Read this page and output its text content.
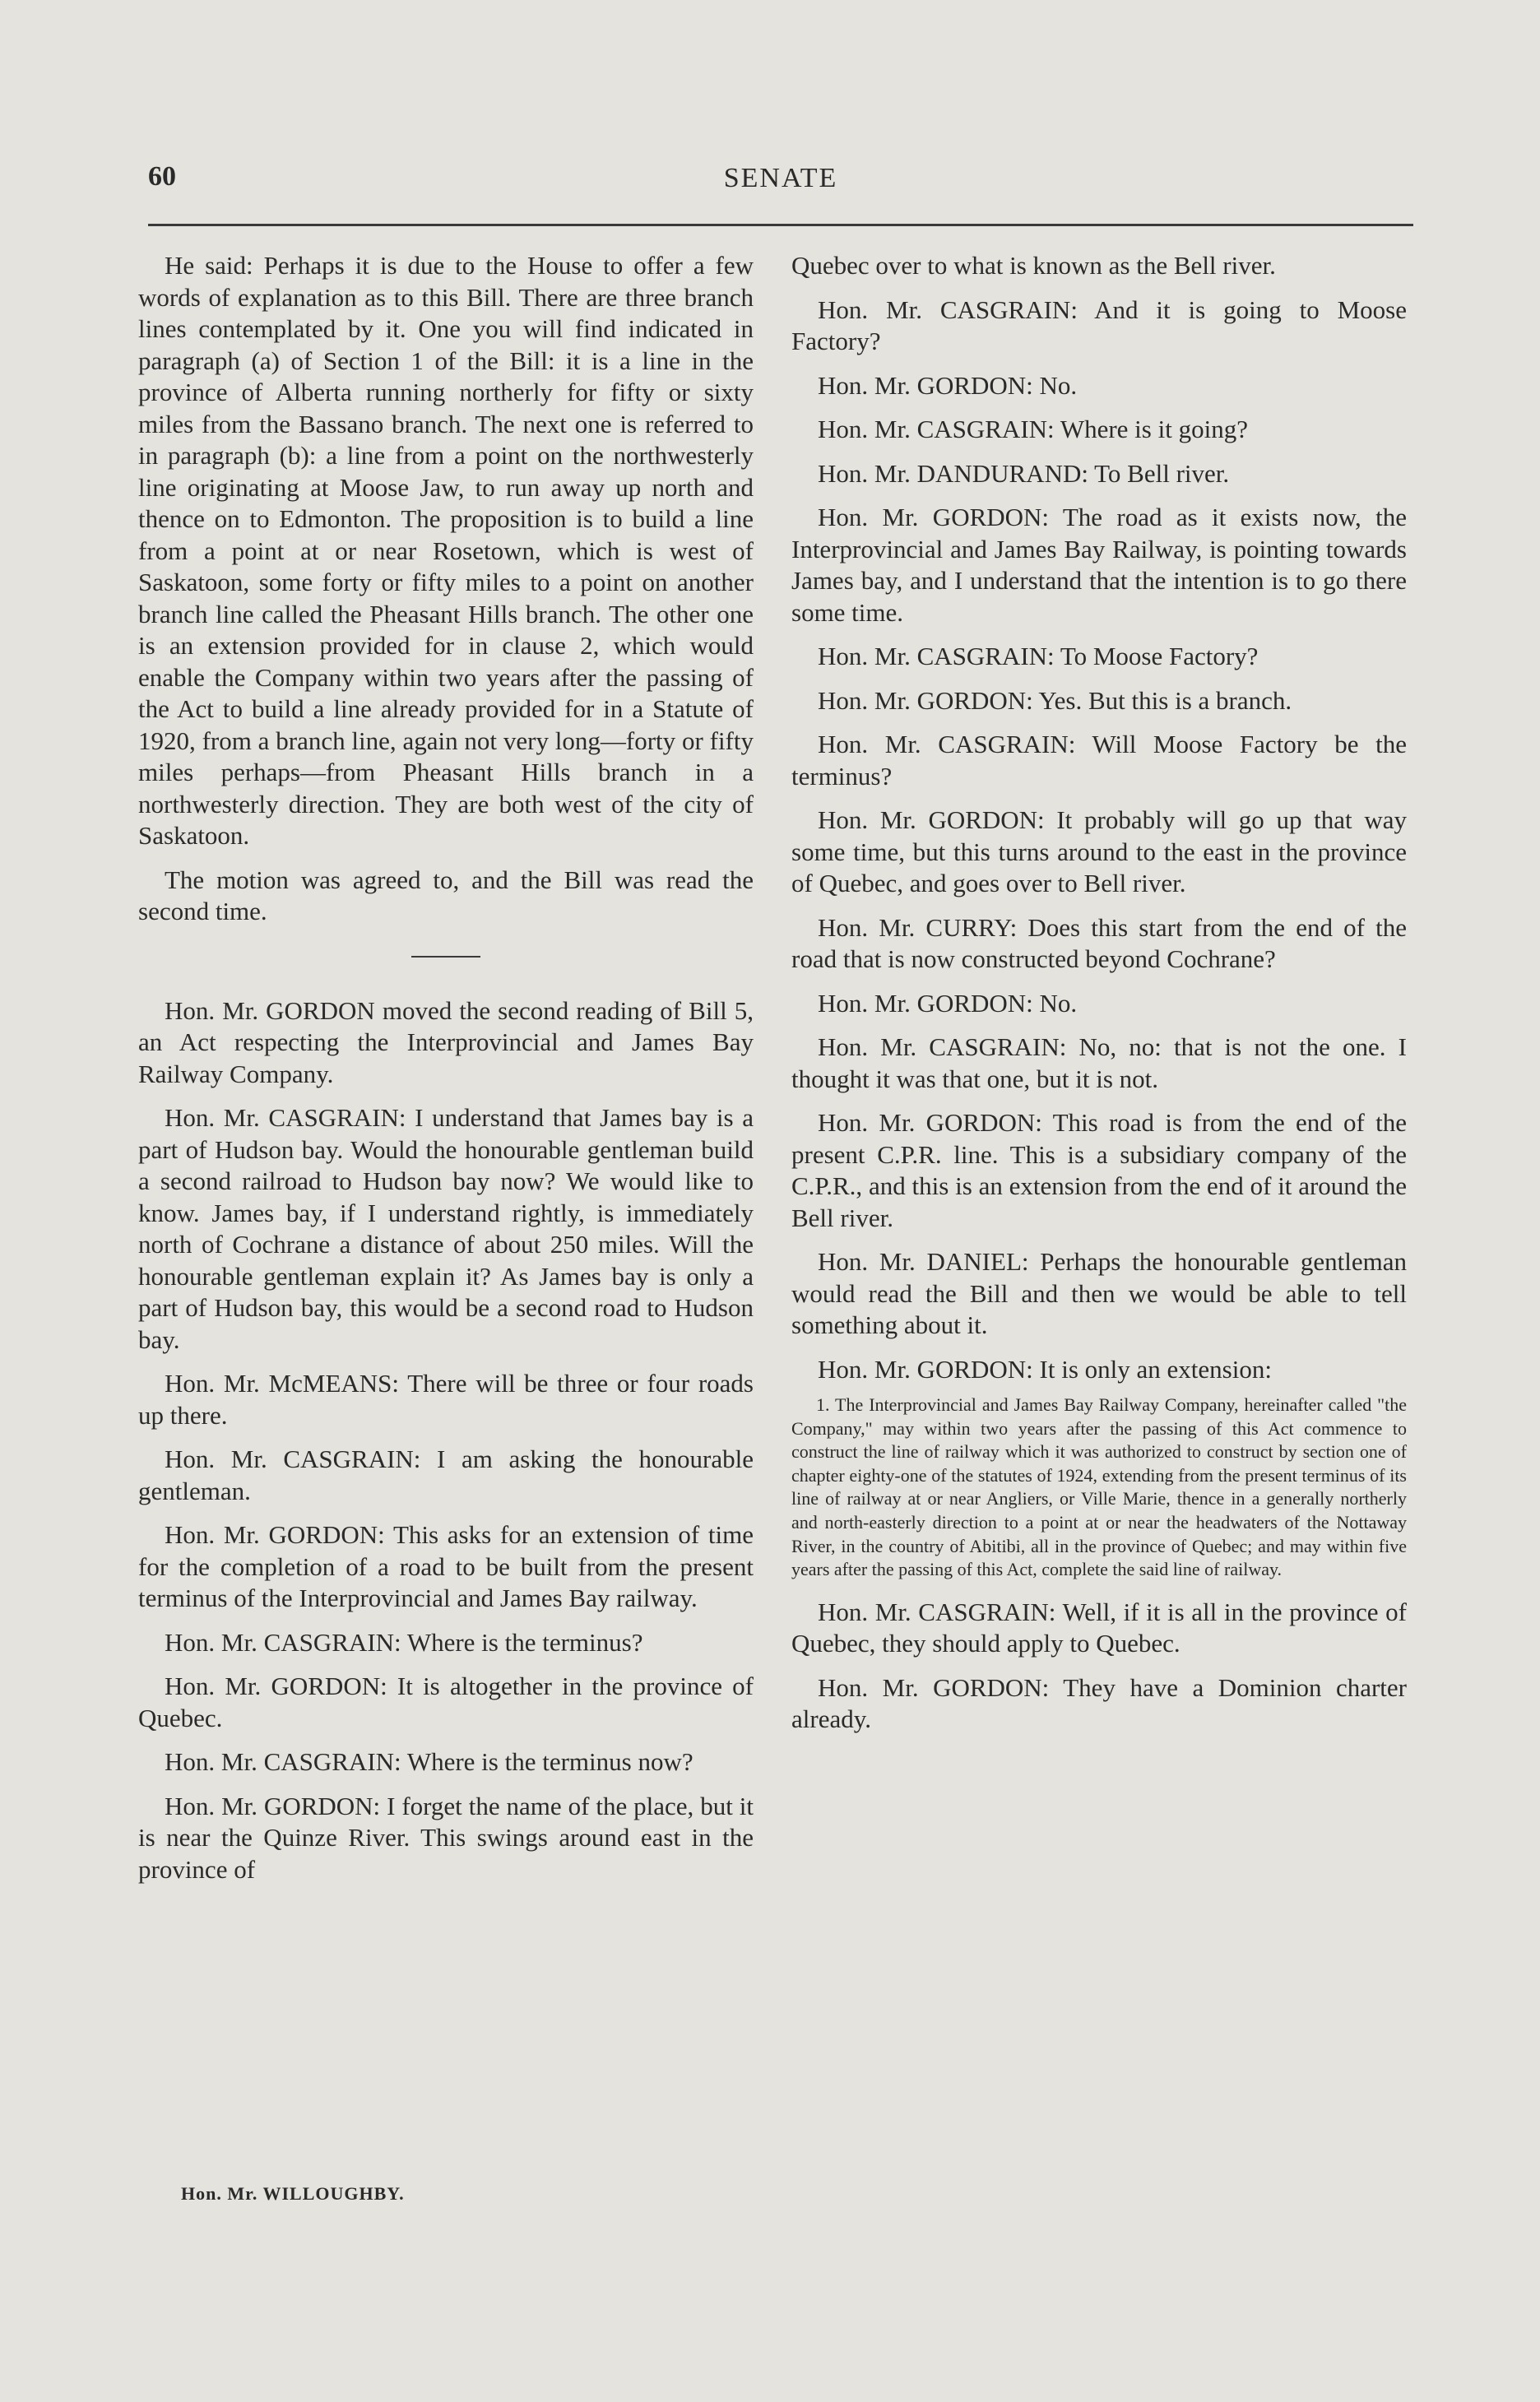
60	SENATE

He said: Perhaps it is due to the House to offer a few words of explanation as to this Bill. There are three branch lines contemplated by it. One you will find indicated in paragraph (a) of Section 1 of the Bill: it is a line in the province of Alberta running northerly for fifty or sixty miles from the Bassano branch. The next one is referred to in paragraph (b): a line from a point on the northwesterly line originating at Moose Jaw, to run away up north and thence on to Edmonton. The proposition is to build a line from a point at or near Rosetown, which is west of Saskatoon, some forty or fifty miles to a point on another branch line called the Pheasant Hills branch. The other one is an extension provided for in clause 2, which would enable the Company within two years after the passing of the Act to build a line already provided for in a Statute of 1920, from a branch line, again not very long—forty or fifty miles perhaps—from Pheasant Hills branch in a northwesterly direction. They are both west of the city of Saskatoon.

The motion was agreed to, and the Bill was read the second time.

Hon. Mr. GORDON moved the second reading of Bill 5, an Act respecting the Interprovincial and James Bay Railway Company.

Hon. Mr. CASGRAIN: I understand that James bay is a part of Hudson bay. Would the honourable gentleman build a second railroad to Hudson bay now? We would like to know. James bay, if I understand rightly, is immediately north of Cochrane a distance of about 250 miles. Will the honourable gentleman explain it? As James bay is only a part of Hudson bay, this would be a second road to Hudson bay.

Hon. Mr. McMEANS: There will be three or four roads up there.

Hon. Mr. CASGRAIN: I am asking the honourable gentleman.

Hon. Mr. GORDON: This asks for an extension of time for the completion of a road to be built from the present terminus of the Interprovincial and James Bay railway.

Hon. Mr. CASGRAIN: Where is the terminus?

Hon. Mr. GORDON: It is altogether in the province of Quebec.

Hon. Mr. CASGRAIN: Where is the terminus now?

Hon. Mr. GORDON: I forget the name of the place, but it is near the Quinze River. This swings around east in the province of

Quebec over to what is known as the Bell river.

Hon. Mr. CASGRAIN: And it is going to Moose Factory?

Hon. Mr. GORDON: No.

Hon. Mr. CASGRAIN: Where is it going?

Hon. Mr. DANDURAND: To Bell river.

Hon. Mr. GORDON: The road as it exists now, the Interprovincial and James Bay Railway, is pointing towards James bay, and I understand that the intention is to go there some time.

Hon. Mr. CASGRAIN: To Moose Factory?

Hon. Mr. GORDON: Yes. But this is a branch.

Hon. Mr. CASGRAIN: Will Moose Factory be the terminus?

Hon. Mr. GORDON: It probably will go up that way some time, but this turns around to the east in the province of Quebec, and goes over to Bell river.

Hon. Mr. CURRY: Does this start from the end of the road that is now constructed beyond Cochrane?

Hon. Mr. GORDON: No.

Hon. Mr. CASGRAIN: No, no: that is not the one. I thought it was that one, but it is not.

Hon. Mr. GORDON: This road is from the end of the present C.P.R. line. This is a subsidiary company of the C.P.R., and this is an extension from the end of it around the Bell river.

Hon. Mr. DANIEL: Perhaps the honourable gentleman would read the Bill and then we would be able to tell something about it.

Hon. Mr. GORDON: It is only an extension:

1. The Interprovincial and James Bay Railway Company, hereinafter called "the Company," may within two years after the passing of this Act commence to construct the line of railway which it was authorized to construct by section one of chapter eighty-one of the statutes of 1924, extending from the present terminus of its line of railway at or near Angliers, or Ville Marie, thence in a generally northerly and north-easterly direction to a point at or near the headwaters of the Nottaway River, in the country of Abitibi, all in the province of Quebec; and may within five years after the passing of this Act, complete the said line of railway.

Hon. Mr. CASGRAIN: Well, if it is all in the province of Quebec, they should apply to Quebec.

Hon. Mr. GORDON: They have a Dominion charter already.

Hon. Mr. WILLOUGHBY.
